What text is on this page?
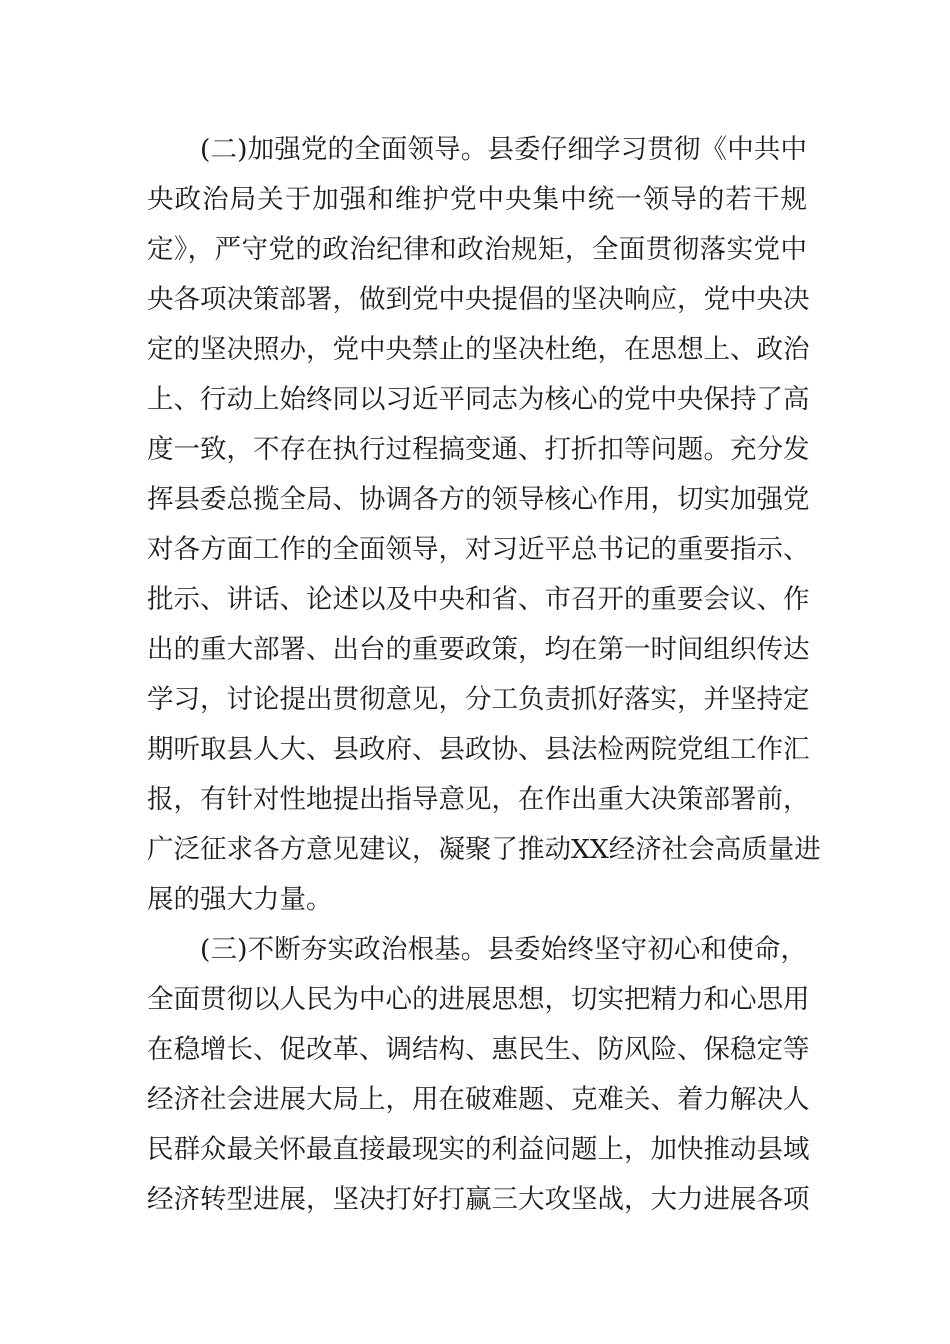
(二)加强党的全面领导。县委仔细学习贯彻《中共中
央政治局关于加强和维护党中央集中统一领导的若干规
定》，严守党的政治纪律和政治规矩，全面贯彻落实党中
央各项决策部署，做到党中央提倡的坚决响应，党中央决
定的坚决照办，党中央禁止的坚决杜绝，在思想上、政治
上、行动上始终同以习近平同志为核心的党中央保持了高
度一致，不存在执行过程搞变通、打折扣等问题。充分发
挥县委总揽全局、协调各方的领导核心作用，切实加强党
对各方面工作的全面领导，对习近平总书记的重要指示、
批示、讲话、论述以及中央和省、市召开的重要会议、作
出的重大部署、出台的重要政策，均在第一时间组织传达
学习，讨论提出贯彻意见，分工负责抓好落实，并坚持定
期听取县人大、县政府、县政协、县法检两院党组工作汇
报，有针对性地提出指导意见，在作出重大决策部署前，
广泛征求各方意见建议，凝聚了推动XX经济社会高质量进
展的强大力量。
(三)不断夯实政治根基。县委始终坚守初心和使命，
全面贯彻以人民为中心的进展思想，切实把精力和心思用
在稳增长、促改革、调结构、惠民生、防风险、保稳定等
经济社会进展大局上，用在破难题、克难关、着力解决人
民群众最关怀最直接最现实的利益问题上，加快推动县域
经济转型进展，坚决打好打赢三大攻坚战，大力进展各项
